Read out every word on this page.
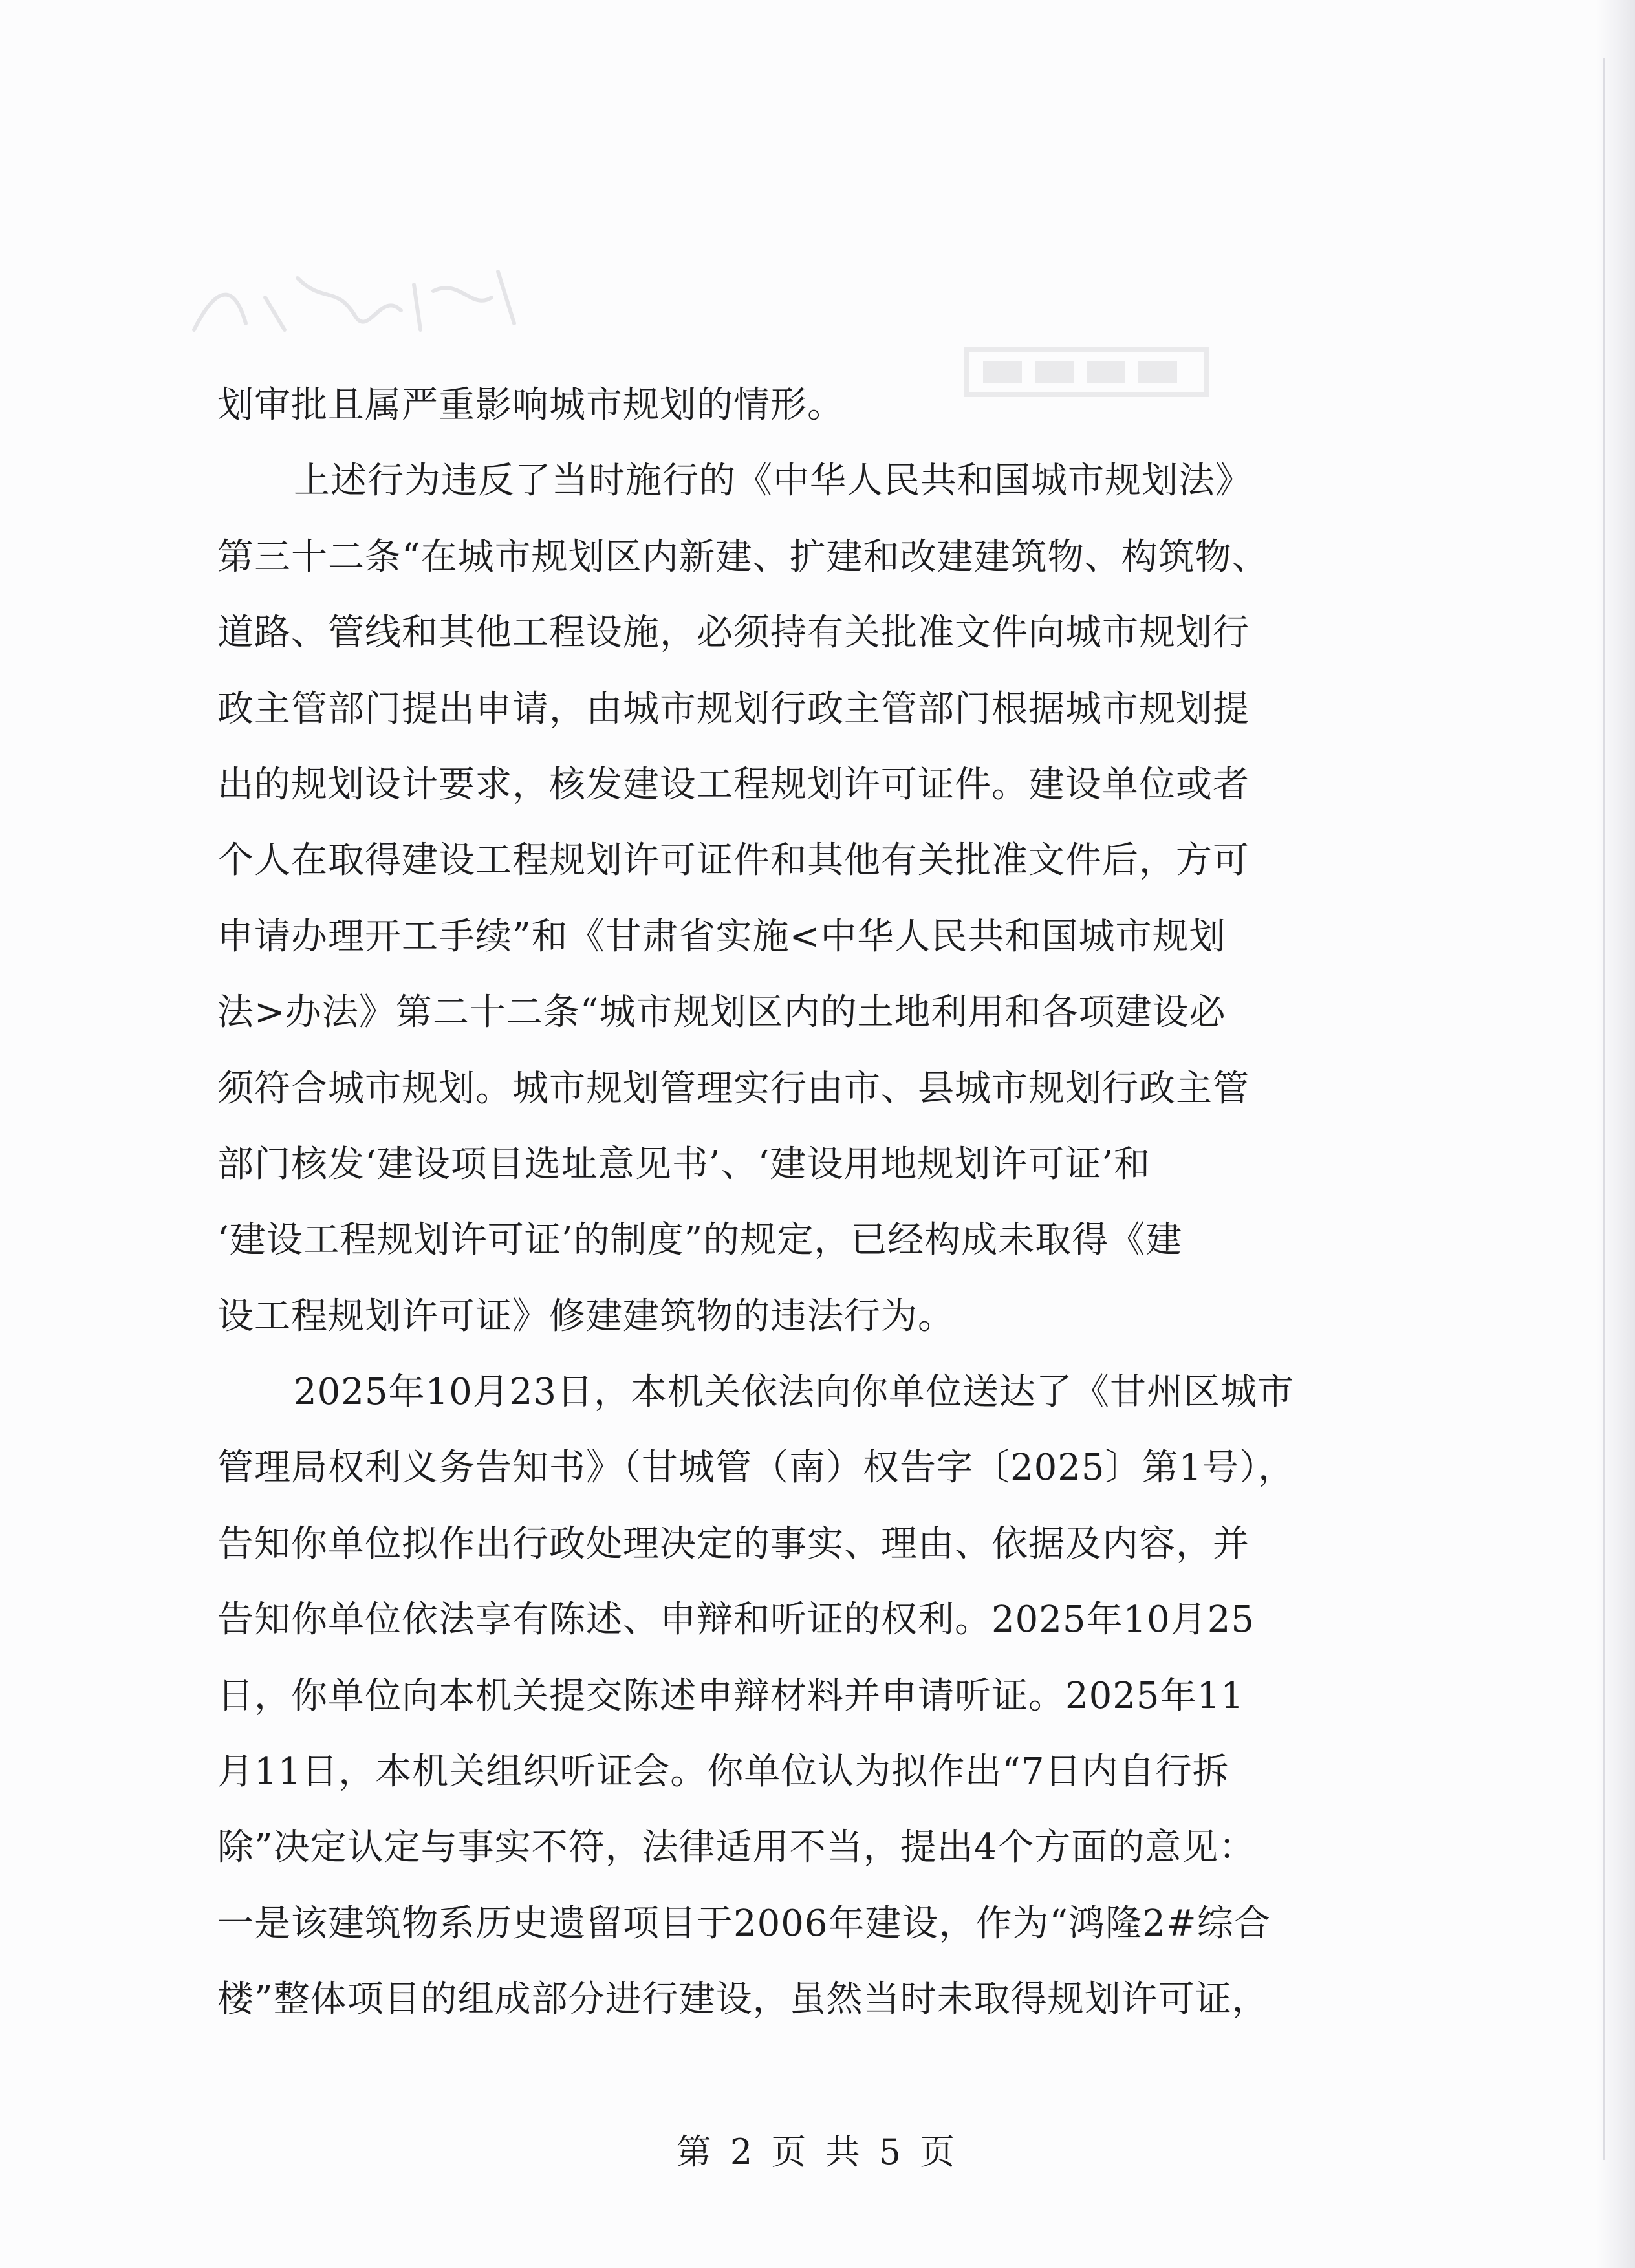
划审批且属严重影响城市规划的情形。
上述行为违反了当时施行的《中华人民共和国城市规划法》
第三十二条“在城市规划区内新建、扩建和改建建筑物、构筑物、
道路、管线和其他工程设施，必须持有关批准文件向城市规划行
政主管部门提出申请，由城市规划行政主管部门根据城市规划提
出的规划设计要求，核发建设工程规划许可证件。建设单位或者
个人在取得建设工程规划许可证件和其他有关批准文件后，方可
申请办理开工手续”和《甘肃省实施<中华人民共和国城市规划
法>办法》第二十二条“城市规划区内的土地利用和各项建设必
须符合城市规划。城市规划管理实行由市、县城市规划行政主管
部门核发‘建设项目选址意见书’、‘建设用地规划许可证’和
‘建设工程规划许可证’的制度”的规定，已经构成未取得《建
设工程规划许可证》修建建筑物的违法行为。
2025年10月23日，本机关依法向你单位送达了《甘州区城市
管理局权利义务告知书》（甘城管（南）权告字〔2025〕第1号），
告知你单位拟作出行政处理决定的事实、理由、依据及内容，并
告知你单位依法享有陈述、申辩和听证的权利。2025年10月25
日，你单位向本机关提交陈述申辩材料并申请听证。2025年11
月11日，本机关组织听证会。你单位认为拟作出“7日内自行拆
除”决定认定与事实不符，法律适用不当，提出4个方面的意见：
一是该建筑物系历史遗留项目于2006年建设，作为“鸿隆2#综合
楼”整体项目的组成部分进行建设，虽然当时未取得规划许可证，
第 2 页 共 5 页
